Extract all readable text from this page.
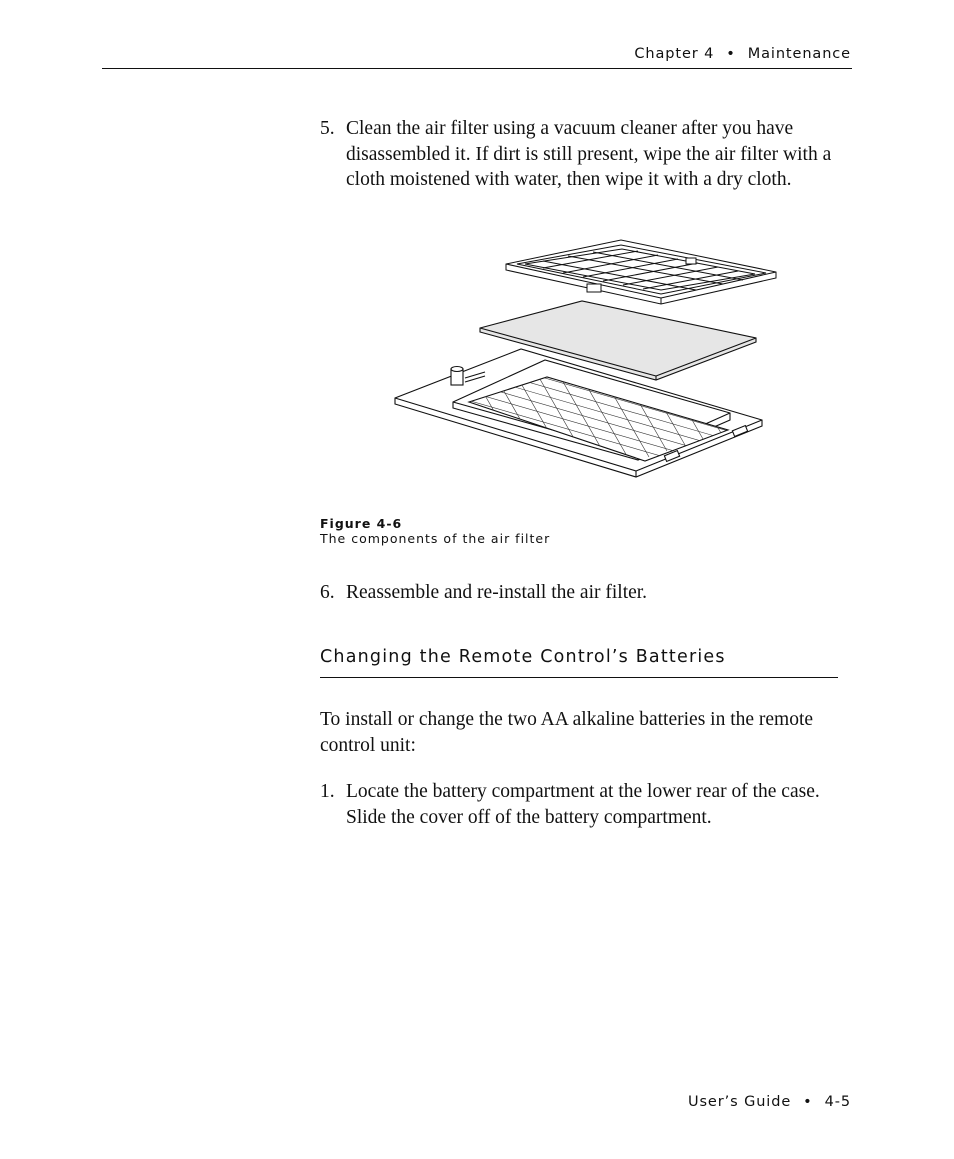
Chapter 4 • Maintenance
5. Clean the air filter using a vacuum cleaner after you have disassembled it. If dirt is still present, wipe the air filter with a cloth moistened with water, then wipe it with a dry cloth.
Figure 4-6
The components of the air filter
6. Reassemble and re-install the air filter.
Changing the Remote Control’s Batteries
To install or change the two AA alkaline batteries in the remote control unit:
1. Locate the battery compartment at the lower rear of the case. Slide the cover off of the battery compartment.
User’s Guide • 4-5
